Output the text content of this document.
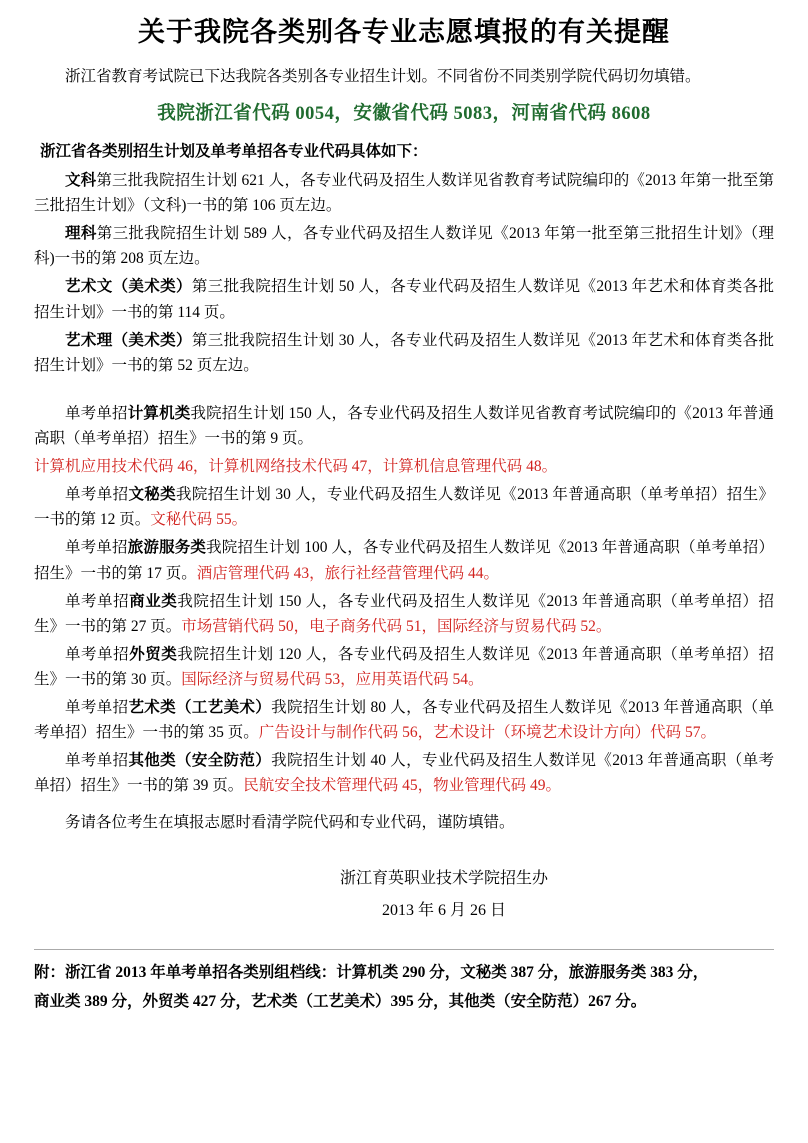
关于我院各类别各专业志愿填报的有关提醒

浙江省教育考试院已下达我院各类别各专业招生计划。不同省份不同类别学院代码切勿填错。

我院浙江省代码 0054，安徽省代码 5083，河南省代码 8608

浙江省各类别招生计划及单考单招各专业代码具体如下：

文科第三批我院招生计划 621 人，各专业代码及招生人数详见省教育考试院编印的《2013 年第一批至第三批招生计划》（文科)一书的第 106 页左边。

理科第三批我院招生计划 589 人，各专业代码及招生人数详见《2013 年第一批至第三批招生计划》（理科)一书的第 208 页左边。

艺术文（美术类）第三批我院招生计划 50 人，各专业代码及招生人数详见《2013 年艺术和体育类各批招生计划》一书的第 114 页。

艺术理（美术类）第三批我院招生计划 30 人，各专业代码及招生人数详见《2013 年艺术和体育类各批招生计划》一书的第 52 页左边。

单考单招计算机类我院招生计划 150 人，各专业代码及招生人数详见省教育考试院编印的《2013 年普通高职（单考单招）招生》一书的第 9 页。

计算机应用技术代码 46，计算机网络技术代码 47，计算机信息管理代码 48。

单考单招文秘类我院招生计划 30 人，专业代码及招生人数详见《2013 年普通高职（单考单招）招生》一书的第 12 页。文秘代码 55。

单考单招旅游服务类我院招生计划 100 人，各专业代码及招生人数详见《2013 年普通高职（单考单招）招生》一书的第 17 页。酒店管理代码 43，旅行社经营管理代码 44。

单考单招商业类我院招生计划 150 人，各专业代码及招生人数详见《2013 年普通高职（单考单招）招生》一书的第 27 页。市场营销代码 50，电子商务代码 51，国际经济与贸易代码 52。

单考单招外贸类我院招生计划 120 人，各专业代码及招生人数详见《2013 年普通高职（单考单招）招生》一书的第 30 页。国际经济与贸易代码 53，应用英语代码 54。

单考单招艺术类（工艺美术）我院招生计划 80 人，各专业代码及招生人数详见《2013 年普通高职（单考单招）招生》一书的第 35 页。广告设计与制作代码 56，艺术设计（环境艺术设计方向）代码 57。

单考单招其他类（安全防范）我院招生计划 40 人，专业代码及招生人数详见《2013 年普通高职（单考单招）招生》一书的第 39 页。民航安全技术管理代码 45，物业管理代码 49。

务请各位考生在填报志愿时看清学院代码和专业代码，谨防填错。

浙江育英职业技术学院招生办

2013 年 6 月 26 日

附：浙江省 2013 年单考单招各类别组档线：计算机类 290 分，文秘类 387 分，旅游服务类 383 分，

商业类 389 分，外贸类 427 分，艺术类（工艺美术）395 分，其他类（安全防范）267 分。
